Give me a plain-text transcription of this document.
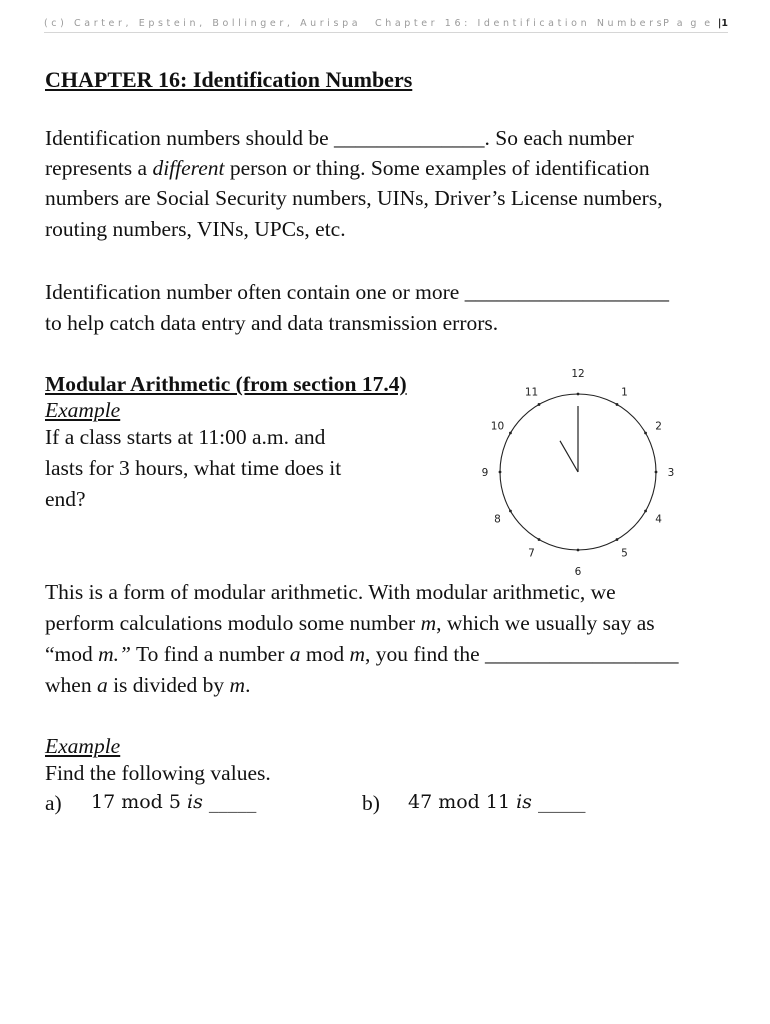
(c) Carter, Epstein, Bollinger, Aurispa Chapter 16: Identification Numbers
P a g e |1
CHAPTER 16: Identification Numbers
Identification numbers should be ______________. So each number
represents a different person or thing. Some examples of identification
numbers are Social Security numbers, UINs, Driver’s License numbers,
routing numbers, VINs, UPCs, etc.
Identification number often contain one or more ___________________
to help catch data entry and data transmission errors.
Modular Arithmetic (from section 17.4)
Example
If a class starts at 11:00 a.m. and
lasts for 3 hours, what time does it
end?
12
1
2
3
4
5
6
7
8
9
10
11
This is a form of modular arithmetic. With modular arithmetic, we
perform calculations modulo some number m, which we usually say as
“mod m.” To find a number a mod m, you find the __________________
when a is divided by m.
Example
Find the following values.
a) 17 mod 5 is _____	b) 47 mod 11 is _____
